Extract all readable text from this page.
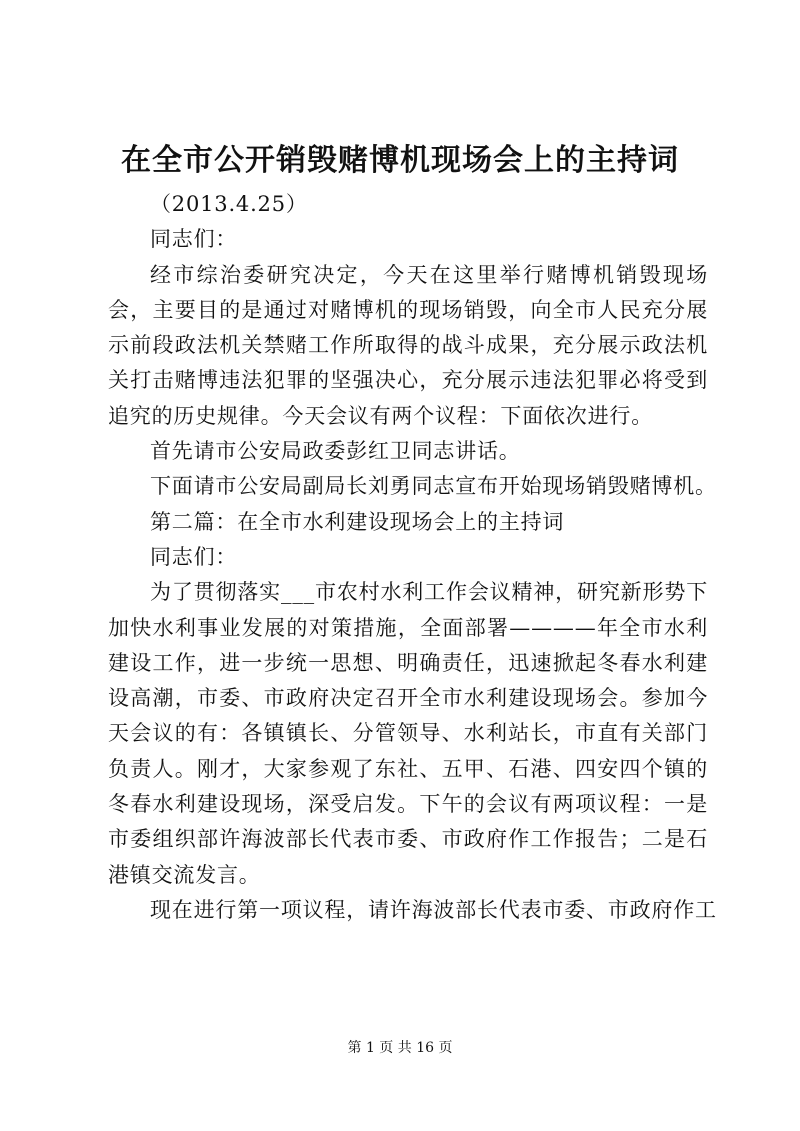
在全市公开销毁赌博机现场会上的主持词

（2013.4.25）

同志们：

经市综治委研究决定，今天在这里举行赌博机销毁现场会，主要目的是通过对赌博机的现场销毁，向全市人民充分展示前段政法机关禁赌工作所取得的战斗成果，充分展示政法机关打击赌博违法犯罪的坚强决心，充分展示违法犯罪必将受到追究的历史规律。今天会议有两个议程：下面依次进行。

首先请市公安局政委彭红卫同志讲话。

下面请市公安局副局长刘勇同志宣布开始现场销毁赌博机。

第二篇：在全市水利建设现场会上的主持词

同志们：

为了贯彻落实___市农村水利工作会议精神，研究新形势下加快水利事业发展的对策措施，全面部署————年全市水利建设工作，进一步统一思想、明确责任，迅速掀起冬春水利建设高潮，市委、市政府决定召开全市水利建设现场会。参加今天会议的有：各镇镇长、分管领导、水利站长，市直有关部门负责人。刚才，大家参观了东社、五甲、石港、四安四个镇的冬春水利建设现场，深受启发。下午的会议有两项议程：一是市委组织部许海波部长代表市委、市政府作工作报告；二是石港镇交流发言。

现在进行第一项议程，请许海波部长代表市委、市政府作工

第 1 页 共 16 页
